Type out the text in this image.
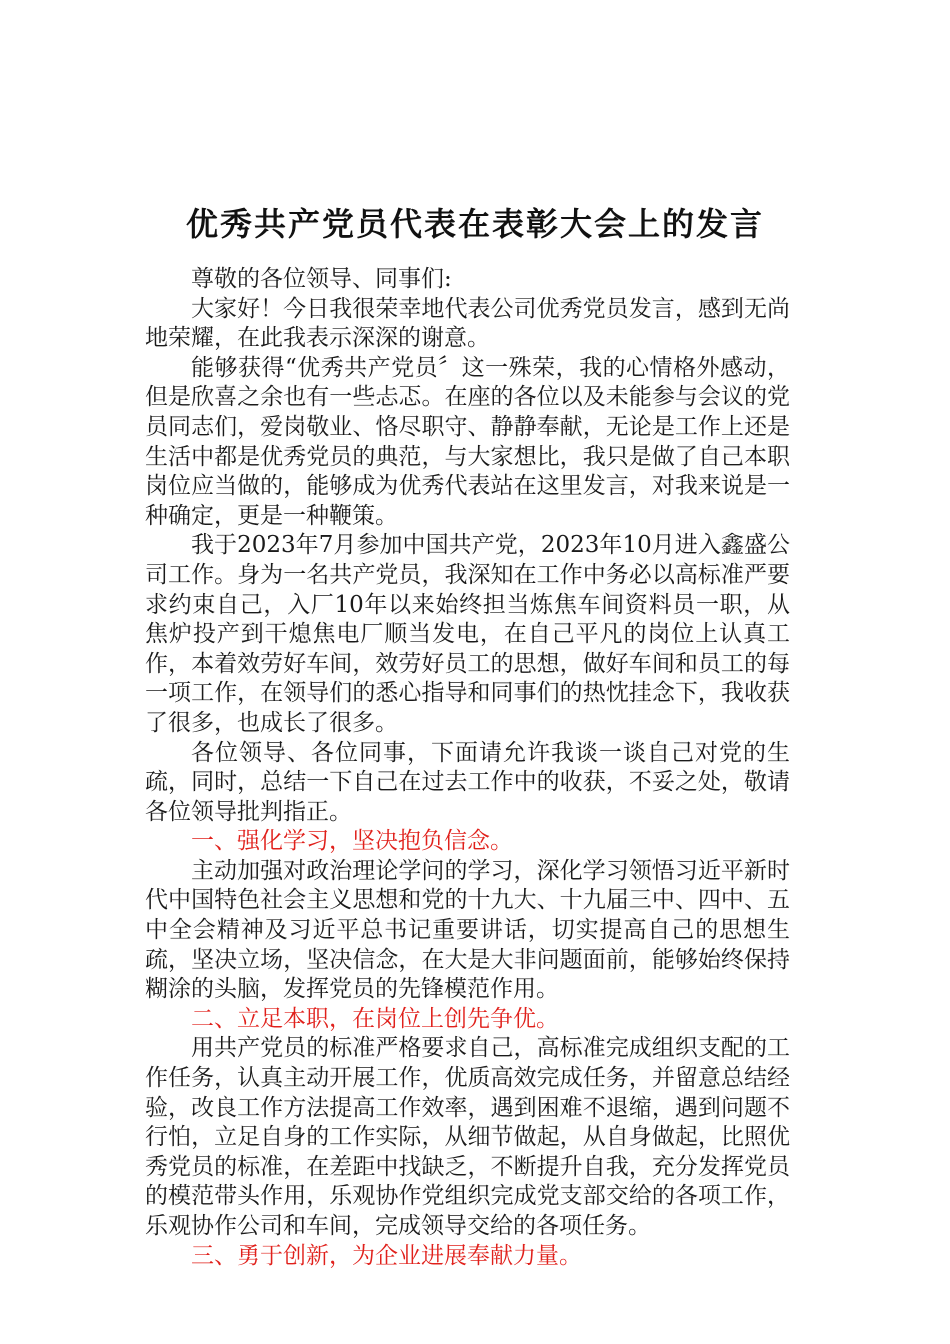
优秀共产党员代表在表彰大会上的发言

尊敬的各位领导、同事们:

大家好！今日我很荣幸地代表公司优秀党员发言，感到无尚地荣耀，在此我表示深深的谢意。

能够获得“优秀共产党员〞这一殊荣，我的心情格外感动，但是欣喜之余也有一些忐忑。在座的各位以及未能参与会议的党员同志们，爱岗敬业、恪尽职守、静静奉献，无论是工作上还是生活中都是优秀党员的典范，与大家想比，我只是做了自己本职岗位应当做的，能够成为优秀代表站在这里发言，对我来说是一种确定，更是一种鞭策。

我于2023年7月参加中国共产党，2023年10月进入鑫盛公司工作。身为一名共产党员，我深知在工作中务必以高标准严要求约束自己，入厂10年以来始终担当炼焦车间资料员一职，从焦炉投产到干熄焦电厂顺当发电，在自己平凡的岗位上认真工作，本着效劳好车间，效劳好员工的思想，做好车间和员工的每一项工作，在领导们的悉心指导和同事们的热忱挂念下，我收获了很多，也成长了很多。

各位领导、各位同事，下面请允许我谈一谈自己对党的生疏，同时，总结一下自己在过去工作中的收获，不妥之处，敬请各位领导批判指正。

一、强化学习，坚决抱负信念。

主动加强对政治理论学问的学习，深化学习领悟习近平新时代中国特色社会主义思想和党的十九大、十九届三中、四中、五中全会精神及习近平总书记重要讲话，切实提高自己的思想生疏，坚决立场，坚决信念，在大是大非问题面前，能够始终保持糊涂的头脑，发挥党员的先锋模范作用。

二、立足本职，在岗位上创先争优。

用共产党员的标准严格要求自己，高标准完成组织支配的工作任务，认真主动开展工作，优质高效完成任务，并留意总结经验，改良工作方法提高工作效率，遇到困难不退缩，遇到问题不行怕，立足自身的工作实际，从细节做起，从自身做起，比照优秀党员的标准，在差距中找缺乏，不断提升自我，充分发挥党员的模范带头作用，乐观协作党组织完成党支部交给的各项工作，乐观协作公司和车间，完成领导交给的各项任务。

三、勇于创新，为企业进展奉献力量。
